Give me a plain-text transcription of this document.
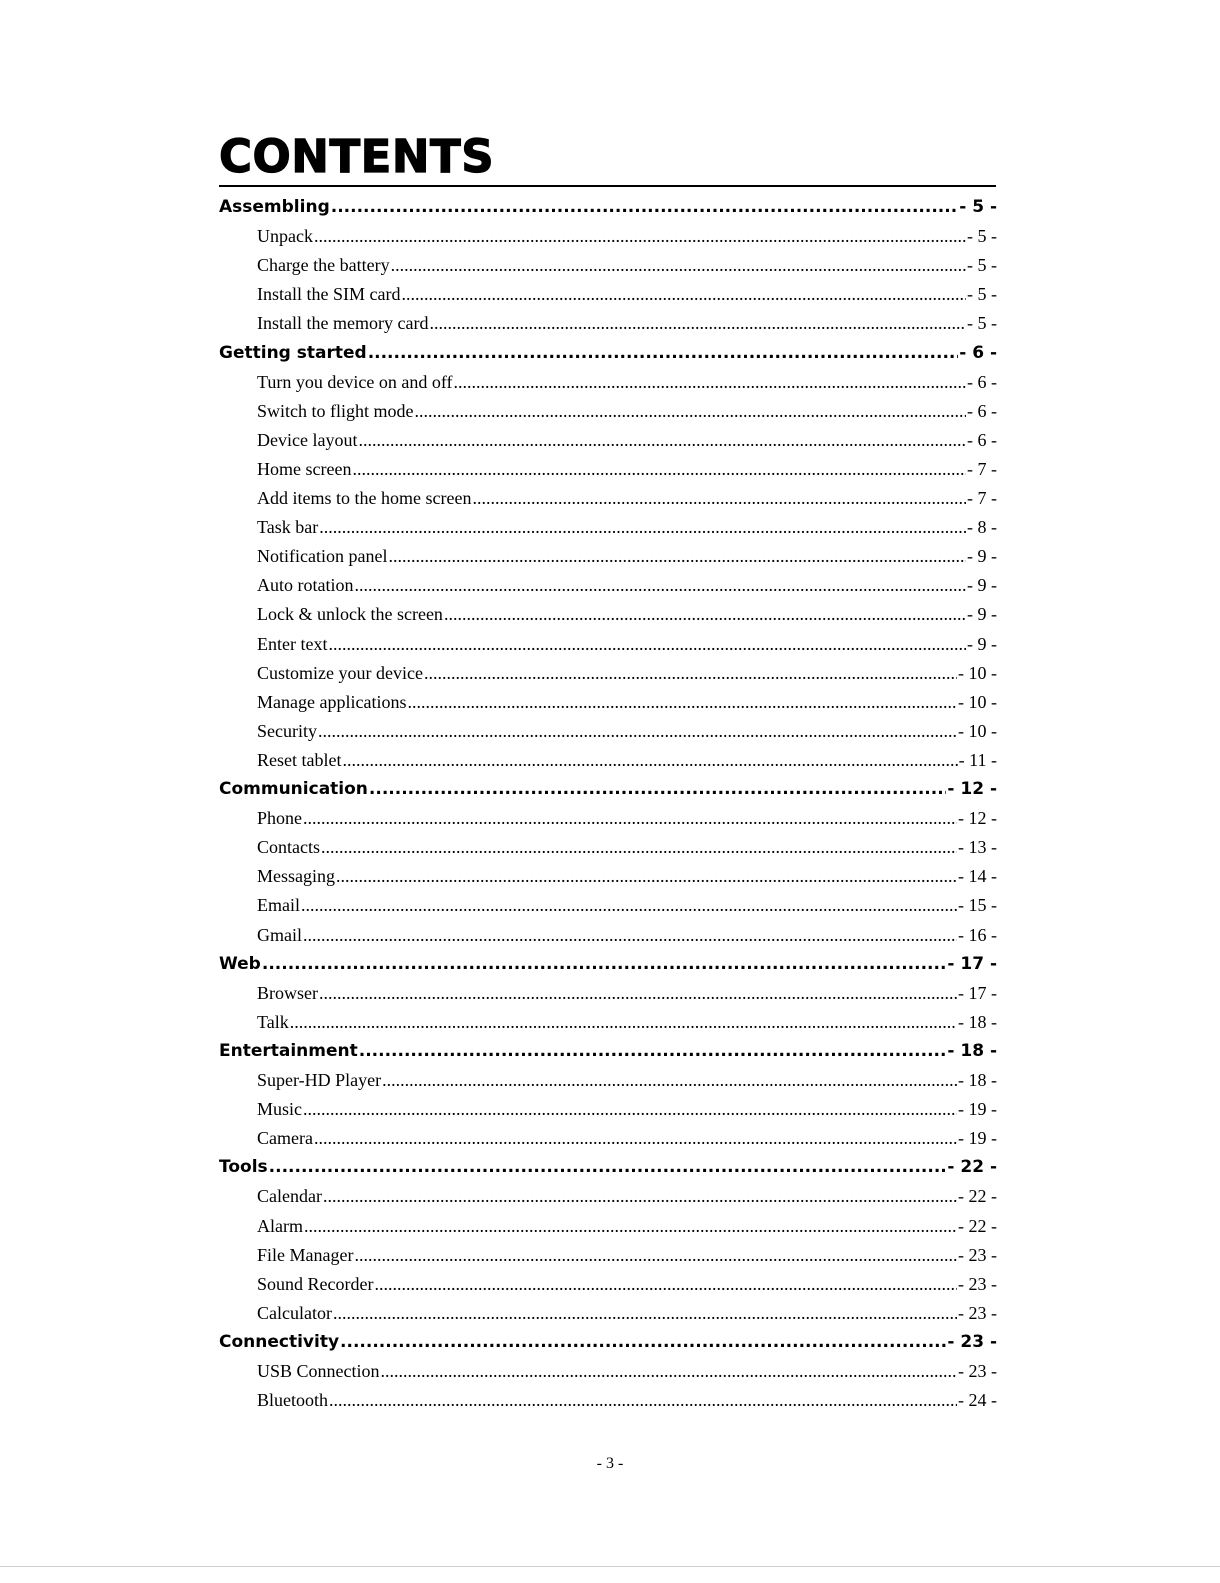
CONTENTS
Assembling .....	- 5 -
Unpack .....	- 5 -
Charge the battery .....	- 5 -
Install the SIM card .....	- 5 -
Install the memory card .....	- 5 -
Getting started .....	- 6 -
Turn you device on and off .....	- 6 -
Switch to flight mode .....	- 6 -
Device layout .....	- 6 -
Home screen .....	- 7 -
Add items to the home screen .....	- 7 -
Task bar .....	- 8 -
Notification panel .....	- 9 -
Auto rotation .....	- 9 -
Lock & unlock the screen .....	- 9 -
Enter text .....	- 9 -
Customize your device .....	- 10 -
Manage applications .....	- 10 -
Security .....	- 10 -
Reset tablet .....	- 11 -
Communication .....	- 12 -
Phone .....	- 12 -
Contacts .....	- 13 -
Messaging .....	- 14 -
Email .....	- 15 -
Gmail .....	- 16 -
Web .....	- 17 -
Browser .....	- 17 -
Talk .....	- 18 -
Entertainment .....	- 18 -
Super-HD Player .....	- 18 -
Music .....	- 19 -
Camera .....	- 19 -
Tools .....	- 22 -
Calendar .....	- 22 -
Alarm .....	- 22 -
File Manager .....	- 23 -
Sound Recorder .....	- 23 -
Calculator .....	- 23 -
Connectivity .....	- 23 -
USB Connection .....	- 23 -
Bluetooth .....	- 24 -
- 3 -
